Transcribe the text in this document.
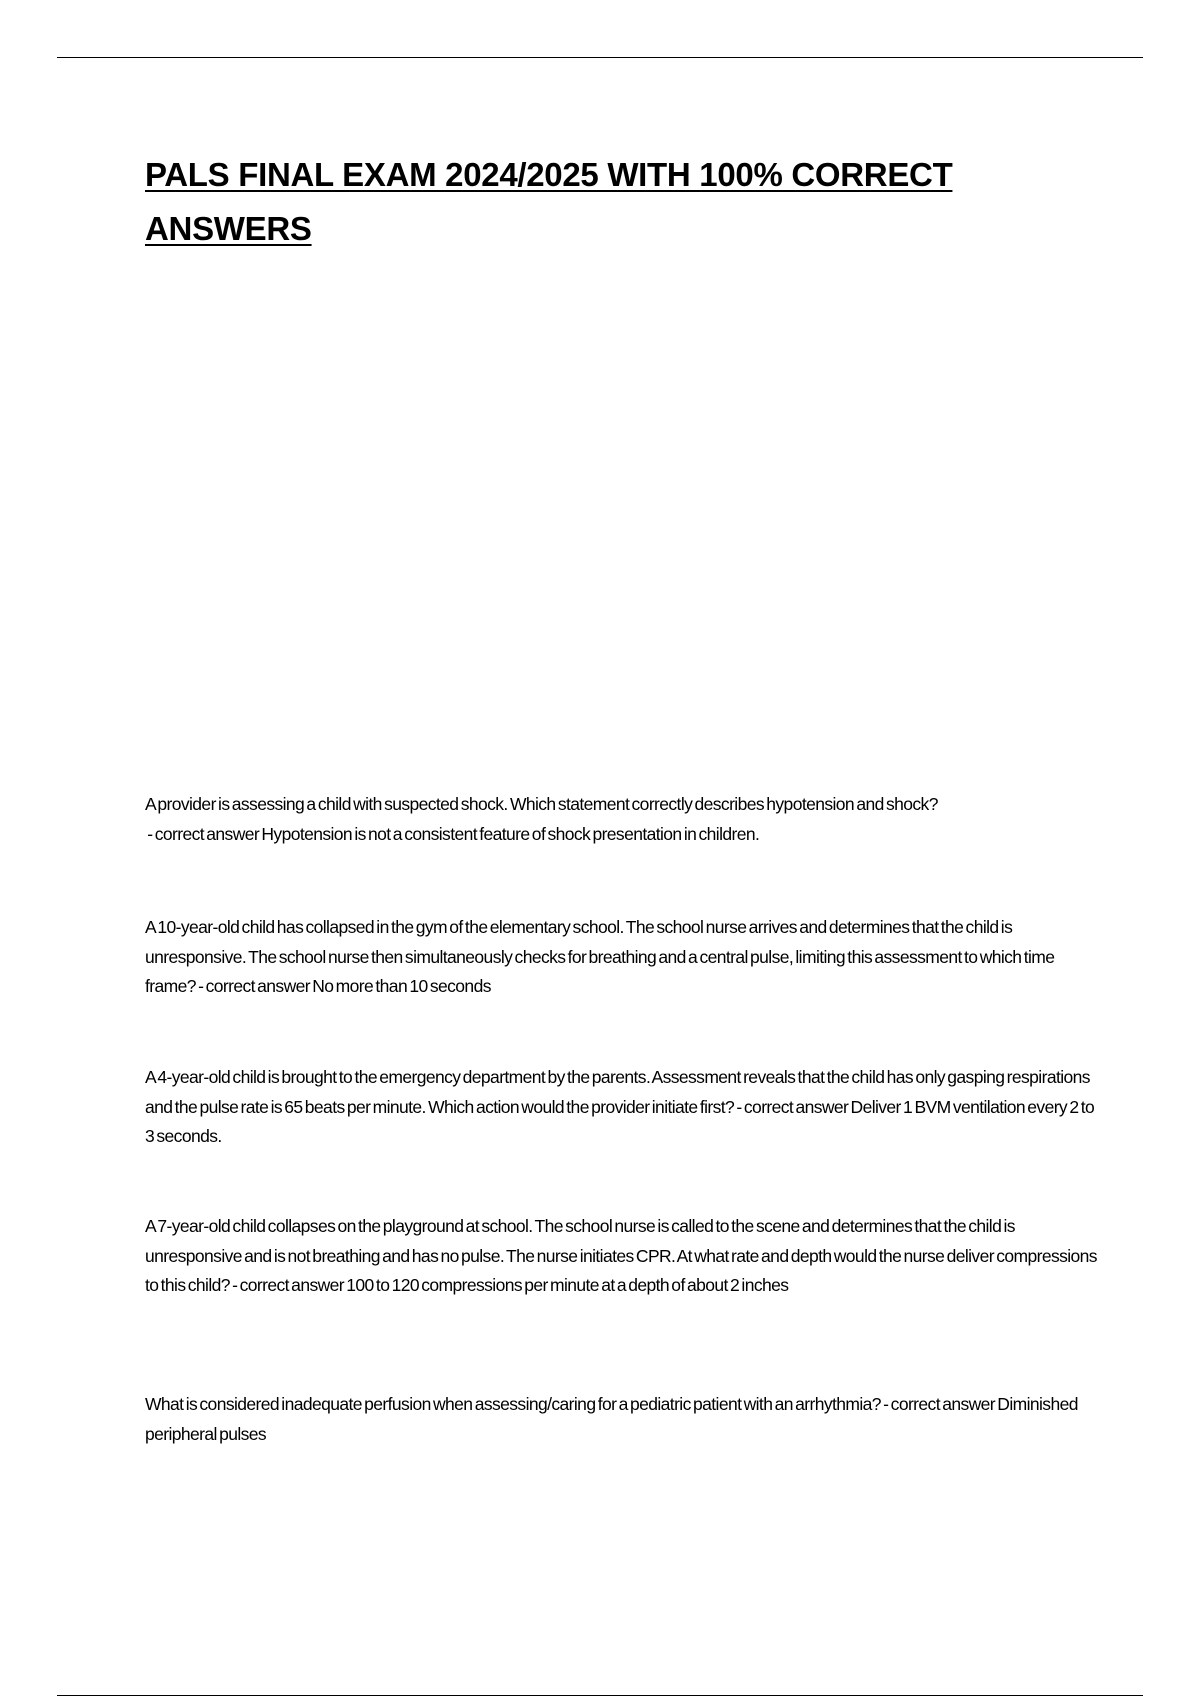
PALS FINAL EXAM 2024/2025 WITH 100% CORRECT ANSWERS

A provider is assessing a child with suspected shock. Which statement correctly describes hypotension and shock? - correct answer Hypotension is not a consistent feature of shock presentation in children.

A 10-year-old child has collapsed in the gym of the elementary school. The school nurse arrives and determines that the child is unresponsive. The school nurse then simultaneously checks for breathing and a central pulse, limiting this assessment to which time frame? - correct answer No more than 10 seconds

A 4-year-old child is brought to the emergency department by the parents. Assessment reveals that the child has only gasping respirations and the pulse rate is 65 beats per minute. Which action would the provider initiate first? - correct answer Deliver 1 BVM ventilation every 2 to 3 seconds.

A 7-year-old child collapses on the playground at school. The school nurse is called to the scene and determines that the child is unresponsive and is not breathing and has no pulse. The nurse initiates CPR. At what rate and depth would the nurse deliver compressions to this child? - correct answer 100 to 120 compressions per minute at a depth of about 2 inches

What is considered inadequate perfusion when assessing/caring for a pediatric patient with an arrhythmia? - correct answer Diminished peripheral pulses
